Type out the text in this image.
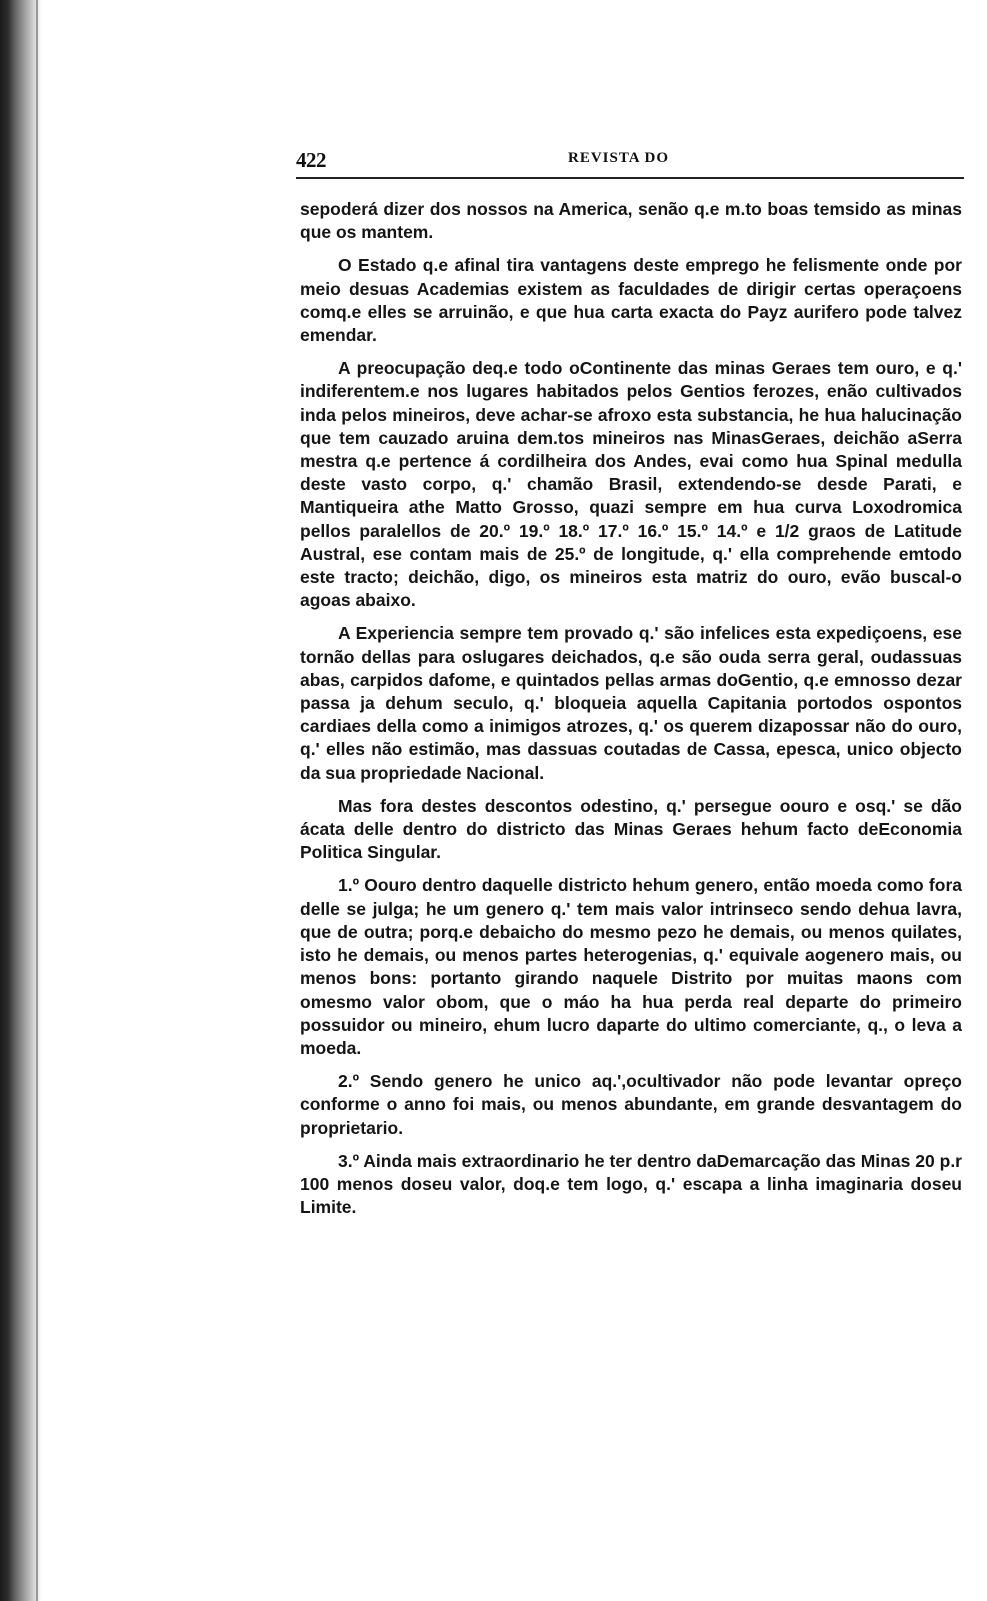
422	REVISTA DO

sepoderá dizer dos nossos na America, senão q.e m.to boas temsido as minas que os mantem.

O Estado q.e afinal tira vantagens deste emprego he felismente onde por meio desuas Academias existem as faculdades de dirigir certas operaçoens comq.e elles se arruinão, e que hua carta exacta do Payz aurifero pode talvez emendar.

A preocupação deq.e todo oContinente das minas Geraes tem ouro, e q.' indiferentem.e nos lugares habitados pelos Gentios ferozes, enão cultivados inda pelos mineiros, deve achar-se afroxo esta substancia, he hua halucinação que tem cauzado aruina dem.tos mineiros nas MinasGeraes, deichão aSerra mestra q.e pertence á cordilheira dos Andes, evai como hua Spinal medulla deste vasto corpo, q.' chamão Brasil, extendendo-se desde Parati, e Mantiqueira athe Matto Grosso, quazi sempre em hua curva Loxodromica pellos paralellos de 20.º 19.º 18.º 17.º 16.º 15.º 14.º e 1/2 graos de Latitude Austral, ese contam mais de 25.º de longitude, q.' ella comprehende emtodo este tracto; deichão, digo, os mineiros esta matriz do ouro, evão buscal-o agoas abaixo.

A Experiencia sempre tem provado q.' são infelices esta expediçoens, ese tornão dellas para oslugares deichados, q.e são ouda serra geral, oudassuas abas, carpidos dafome, e quintados pellas armas doGentio, q.e emnosso dezar passa ja dehum seculo, q.' bloqueia aquella Capitania portodos ospontos cardiaes della como a inimigos atrozes, q.' os querem dizapossar não do ouro, q.' elles não estimão, mas dassuas coutadas de Cassa, epesca, unico objecto da sua propriedade Nacional.

Mas fora destes descontos odestino, q.' persegue oouro e osq.' se dão ácata delle dentro do districto das Minas Geraes hehum facto deEconomia Politica Singular.

1.º Oouro dentro daquelle districto hehum genero, então moeda como fora delle se julga; he um genero q.' tem mais valor intrinseco sendo dehua lavra, que de outra; porq.e debaicho do mesmo pezo he demais, ou menos quilates, isto he demais, ou menos partes heterogenias, q.' equivale aogenero mais, ou menos bons: portanto girando naquele Distrito por muitas maons com omesmo valor obom, que o máo ha hua perda real departe do primeiro possuidor ou mineiro, ehum lucro daparte do ultimo comerciante, q., o leva a moeda.

2.º Sendo genero he unico aq.',ocultivador não pode levantar opreço conforme o anno foi mais, ou menos abundante, em grande desvantagem do proprietario.

3.º Ainda mais extraordinario he ter dentro daDemarcação das Minas 20 p.r 100 menos doseu valor, doq.e tem logo, q.' escapa a linha imaginaria doseu Limite.
